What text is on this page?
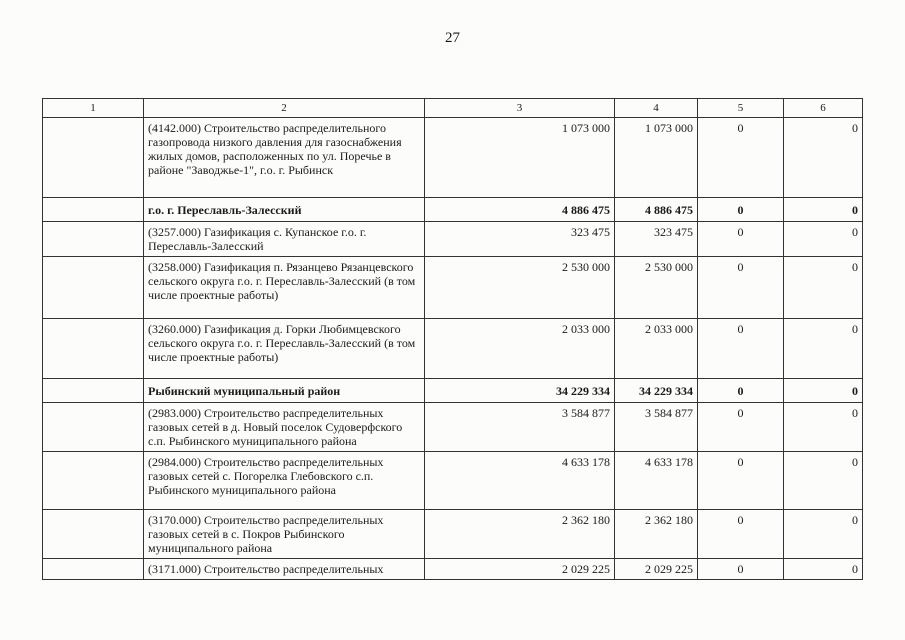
27
1	2	3	4	5	6
	(4142.000) Строительство распределительного газопровода низкого давления для газоснабжения жилых домов, расположенных по ул. Поречье в районе "Заводжье-1", г.о. г. Рыбинск	1 073 000	1 073 000	0	0
	г.о. г. Переславль-Залесский	4 886 475	4 886 475	0	0
	(3257.000) Газификация с. Купанское г.о. г. Переславль-Залесский	323 475	323 475	0	0
	(3258.000) Газификация п. Рязанцево Рязанцевского сельского округа г.о. г. Переславль-Залесский (в том числе проектные работы)	2 530 000	2 530 000	0	0
	(3260.000) Газификация д. Горки Любимцевского сельского округа г.о. г. Переславль-Залесский (в том числе проектные работы)	2 033 000	2 033 000	0	0
	Рыбинский муниципальный район	34 229 334	34 229 334	0	0
	(2983.000) Строительство распределительных газовых сетей в д. Новый поселок Судоверфского с.п. Рыбинского муниципального района	3 584 877	3 584 877	0	0
	(2984.000) Строительство распределительных газовых сетей с. Погорелка Глебовского с.п. Рыбинского муниципального района	4 633 178	4 633 178	0	0
	(3170.000) Строительство распределительных газовых сетей в с. Покров Рыбинского муниципального района	2 362 180	2 362 180	0	0
	(3171.000) Строительство распределительных	2 029 225	2 029 225	0	0
